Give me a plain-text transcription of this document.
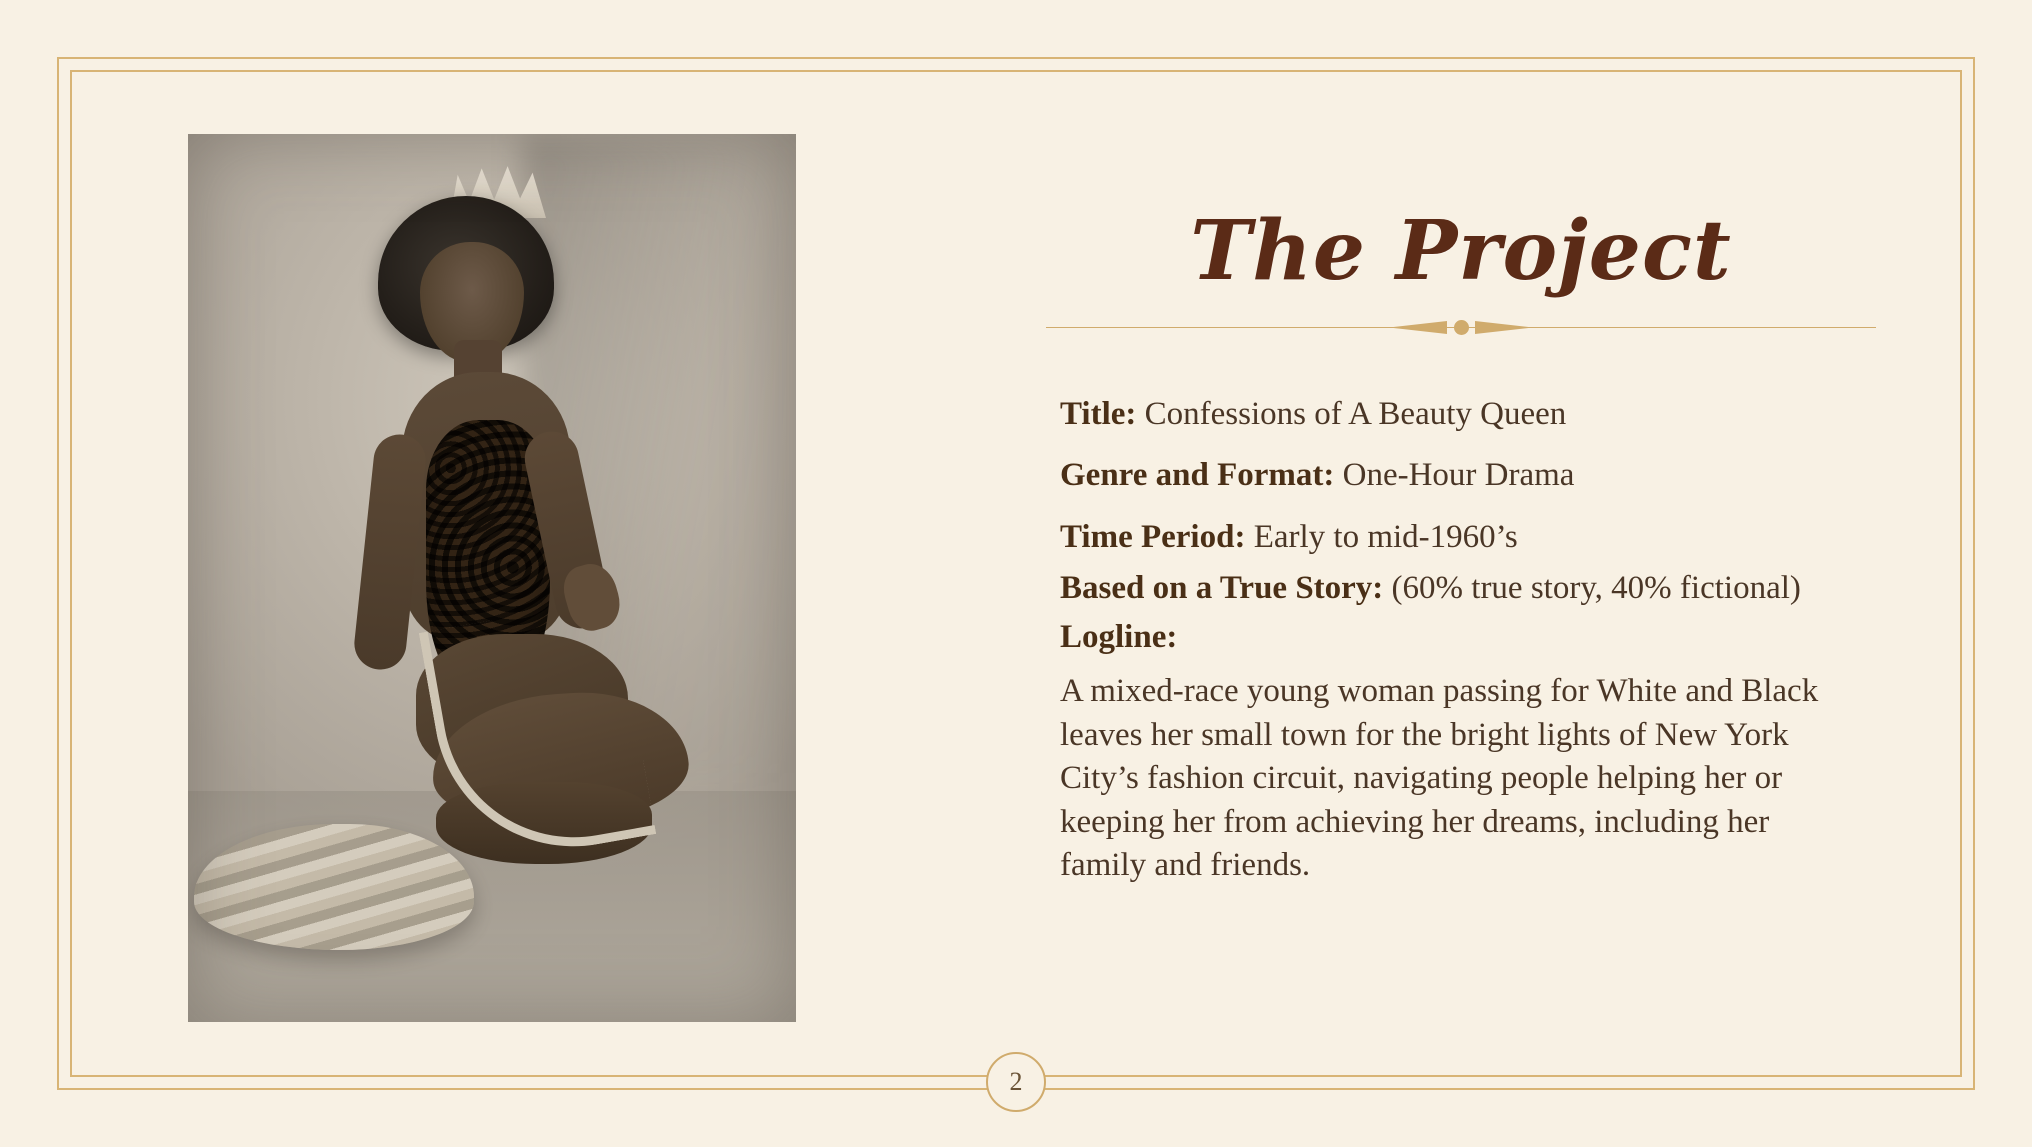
The Project
Title: Confessions of A Beauty Queen
Genre and Format: One-Hour Drama
Time Period: Early to mid-1960’s
Based on a True Story: (60% true story, 40% fictional)
Logline:
A mixed-race young woman passing for White and Black leaves her small town for the bright lights of New York City’s fashion circuit, navigating people helping her or keeping her from achieving her dreams, including her family and friends.
2
